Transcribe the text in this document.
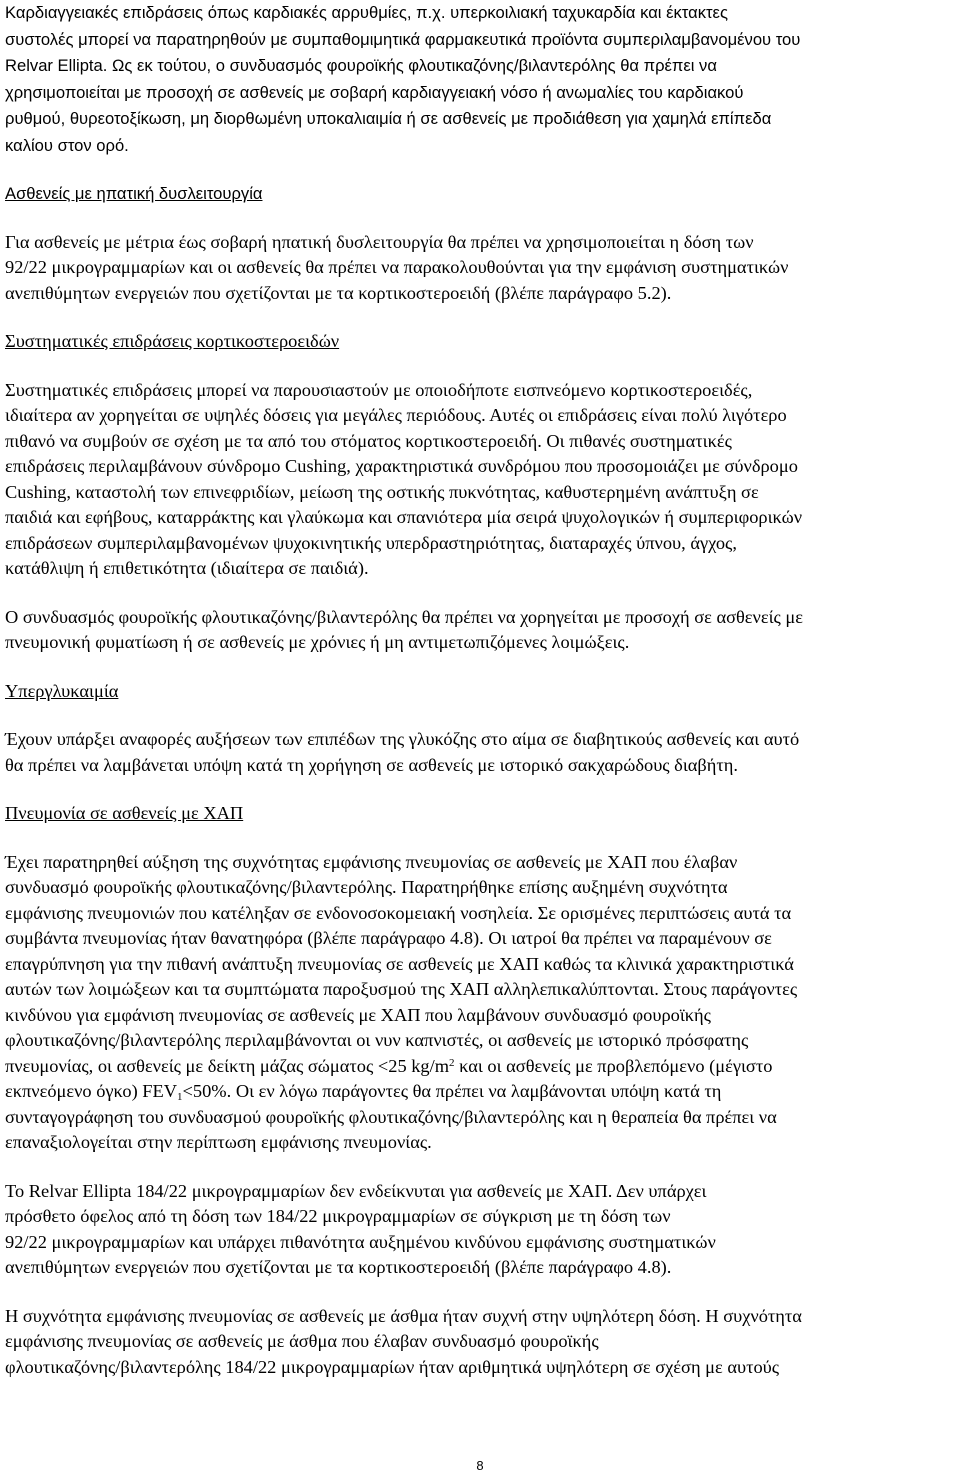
Καρδιαγγειακές επιδράσεις όπως καρδιακές αρρυθμίες, π.χ. υπερκοιλιακή ταχυκαρδία και έκτακτες

συστολές μπορεί να παρατηρηθούν με συμπαθομιμητικά φαρμακευτικά προϊόντα συμπεριλαμβανομένου του

Relvar Ellipta. Ως εκ τούτου, ο συνδυασμός φουροϊκής φλουτικαζόνης/βιλαντερόλης θα πρέπει να

χρησιμοποιείται με προσοχή σε ασθενείς με σοβαρή καρδιαγγειακή νόσο ή ανωμαλίες του καρδιακού

ρυθμού, θυρεοτοξίκωση, μη διορθωμένη υποκαλιαιμία ή σε ασθενείς με προδιάθεση για χαμηλά επίπεδα

καλίου στον ορό.

Ασθενείς με ηπατική δυσλειτουργία

Για ασθενείς με μέτρια έως σοβαρή ηπατική δυσλειτουργία θα πρέπει να χρησιμοποιείται η δόση των

92/22 μικρογραμμαρίων και οι ασθενείς θα πρέπει να παρακολουθούνται για την εμφάνιση συστηματικών

ανεπιθύμητων ενεργειών που σχετίζονται με τα κορτικοστεροειδή (βλέπε παράγραφο 5.2).

Συστηματικές επιδράσεις κορτικοστεροειδών

Συστηματικές επιδράσεις μπορεί να παρουσιαστούν με οποιοδήποτε εισπνεόμενο κορτικοστεροειδές,

ιδιαίτερα αν χορηγείται σε υψηλές δόσεις για μεγάλες περιόδους. Αυτές οι επιδράσεις είναι πολύ λιγότερο

πιθανό να συμβούν σε σχέση με τα από του στόματος κορτικοστεροειδή. Οι πιθανές συστηματικές

επιδράσεις περιλαμβάνουν σύνδρομο Cushing, χαρακτηριστικά συνδρόμου που προσομοιάζει με σύνδρομο

Cushing, καταστολή των επινεφριδίων, μείωση της οστικής πυκνότητας, καθυστερημένη ανάπτυξη σε

παιδιά και εφήβους, καταρράκτης και γλαύκωμα και σπανιότερα μία σειρά ψυχολογικών ή συμπεριφορικών

επιδράσεων συμπεριλαμβανομένων ψυχοκινητικής υπερδραστηριότητας, διαταραχές ύπνου, άγχος,

κατάθλιψη ή επιθετικότητα (ιδιαίτερα σε παιδιά).

Ο συνδυασμός φουροϊκής φλουτικαζόνης/βιλαντερόλης θα πρέπει να χορηγείται με προσοχή σε ασθενείς με

πνευμονική φυματίωση ή σε ασθενείς με χρόνιες ή μη αντιμετωπιζόμενες λοιμώξεις.

Υπεργλυκαιμία

Έχουν υπάρξει αναφορές αυξήσεων των επιπέδων της γλυκόζης στο αίμα σε διαβητικούς ασθενείς και αυτό

θα πρέπει να λαμβάνεται υπόψη κατά τη χορήγηση σε ασθενείς με ιστορικό σακχαρώδους διαβήτη.

Πνευμονία σε ασθενείς με ΧΑΠ

Έχει παρατηρηθεί αύξηση της συχνότητας εμφάνισης πνευμονίας σε ασθενείς με ΧΑΠ που έλαβαν

συνδυασμό φουροϊκής φλουτικαζόνης/βιλαντερόλης. Παρατηρήθηκε επίσης αυξημένη συχνότητα

εμφάνισης πνευμονιών που κατέληξαν σε ενδονοσοκομειακή νοσηλεία. Σε ορισμένες περιπτώσεις αυτά τα

συμβάντα πνευμονίας ήταν θανατηφόρα (βλέπε παράγραφο 4.8). Οι ιατροί θα πρέπει να παραμένουν σε

επαγρύπνηση για την πιθανή ανάπτυξη πνευμονίας σε ασθενείς με ΧΑΠ καθώς τα κλινικά χαρακτηριστικά

αυτών των λοιμώξεων και τα συμπτώματα παροξυσμού της ΧΑΠ αλληλεπικαλύπτονται. Στους παράγοντες

κινδύνου για εμφάνιση πνευμονίας σε ασθενείς με ΧΑΠ που λαμβάνουν συνδυασμό φουροϊκής

φλουτικαζόνης/βιλαντερόλης περιλαμβάνονται οι νυν καπνιστές, οι ασθενείς με ιστορικό πρόσφατης

πνευμονίας, οι ασθενείς με δείκτη μάζας σώματος <25 $kg/m^2$ και οι ασθενείς με προβλεπόμενο (μέγιστο

εκπνεόμενο όγκο) $FEV_1<50\%$. Οι εν λόγω παράγοντες θα πρέπει να λαμβάνονται υπόψη κατά τη

συνταγογράφηση του συνδυασμού φουροϊκής φλουτικαζόνης/βιλαντερόλης και η θεραπεία θα πρέπει να

επαναξιολογείται στην περίπτωση εμφάνισης πνευμονίας.

Το Relvar Ellipta 184/22 μικρογραμμαρίων δεν ενδείκνυται για ασθενείς με ΧΑΠ. Δεν υπάρχει

πρόσθετο όφελος από τη δόση των 184/22 μικρογραμμαρίων σε σύγκριση με τη δόση των

92/22 μικρογραμμαρίων και υπάρχει πιθανότητα αυξημένου κινδύνου εμφάνισης συστηματικών

ανεπιθύμητων ενεργειών που σχετίζονται με τα κορτικοστεροειδή (βλέπε παράγραφο 4.8).

Η συχνότητα εμφάνισης πνευμονίας σε ασθενείς με άσθμα ήταν συχνή στην υψηλότερη δόση. Η συχνότητα

εμφάνισης πνευμονίας σε ασθενείς με άσθμα που έλαβαν συνδυασμό φουροϊκής

φλουτικαζόνης/βιλαντερόλης 184/22 μικρογραμμαρίων ήταν αριθμητικά υψηλότερη σε σχέση με αυτούς

8
